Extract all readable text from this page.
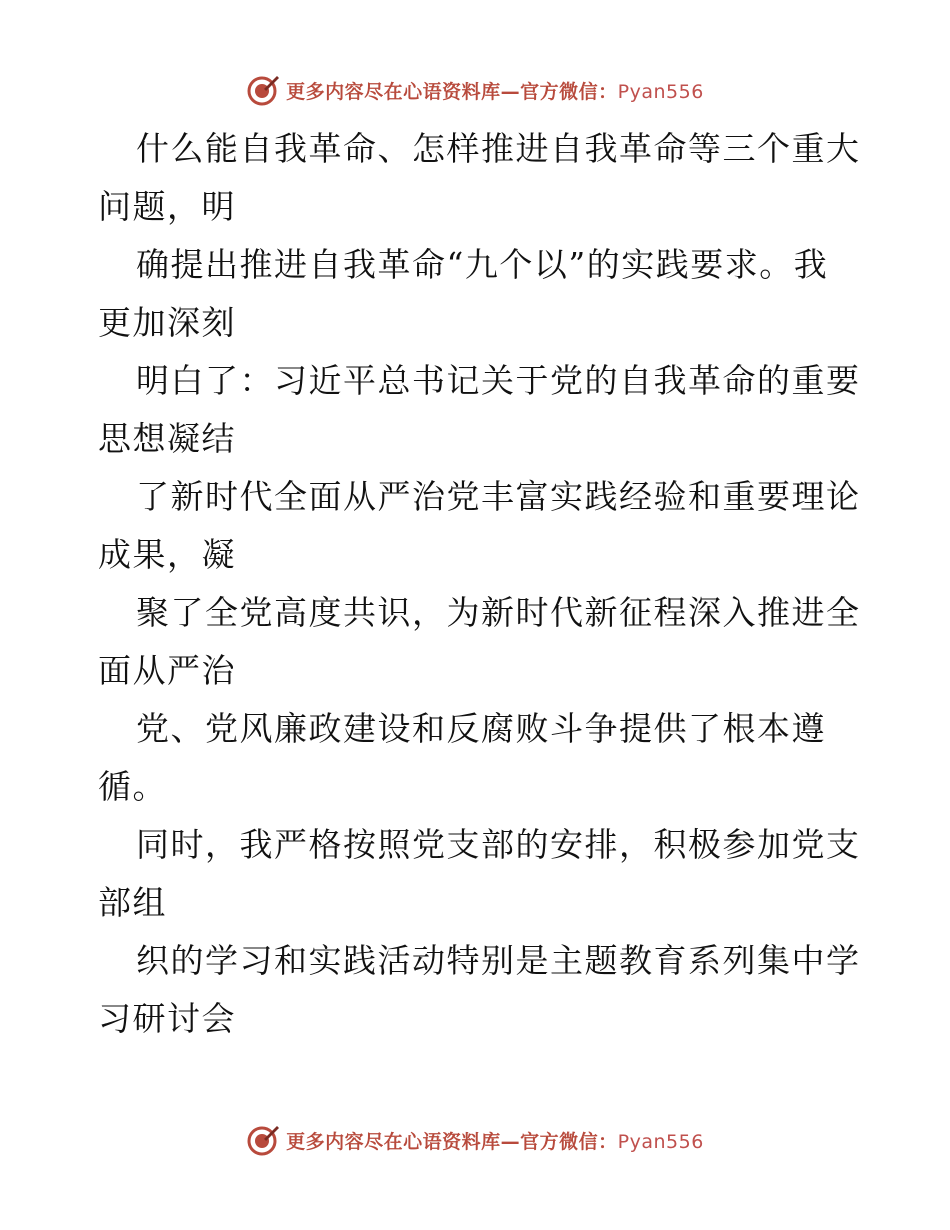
更多内容尽在心语资料库—官方微信：Pyan556
什么能自我革命、怎样推进自我革命等三个重大
问题，明
确提出推进自我革命“九个以”的实践要求。我
更加深刻
明白了：习近平总书记关于党的自我革命的重要
思想凝结
了新时代全面从严治党丰富实践经验和重要理论
成果，凝
聚了全党高度共识，为新时代新征程深入推进全
面从严治
党、党风廉政建设和反腐败斗争提供了根本遵
循。
同时，我严格按照党支部的安排，积极参加党支
部组
织的学习和实践活动特别是主题教育系列集中学
习研讨会
更多内容尽在心语资料库—官方微信：Pyan556
